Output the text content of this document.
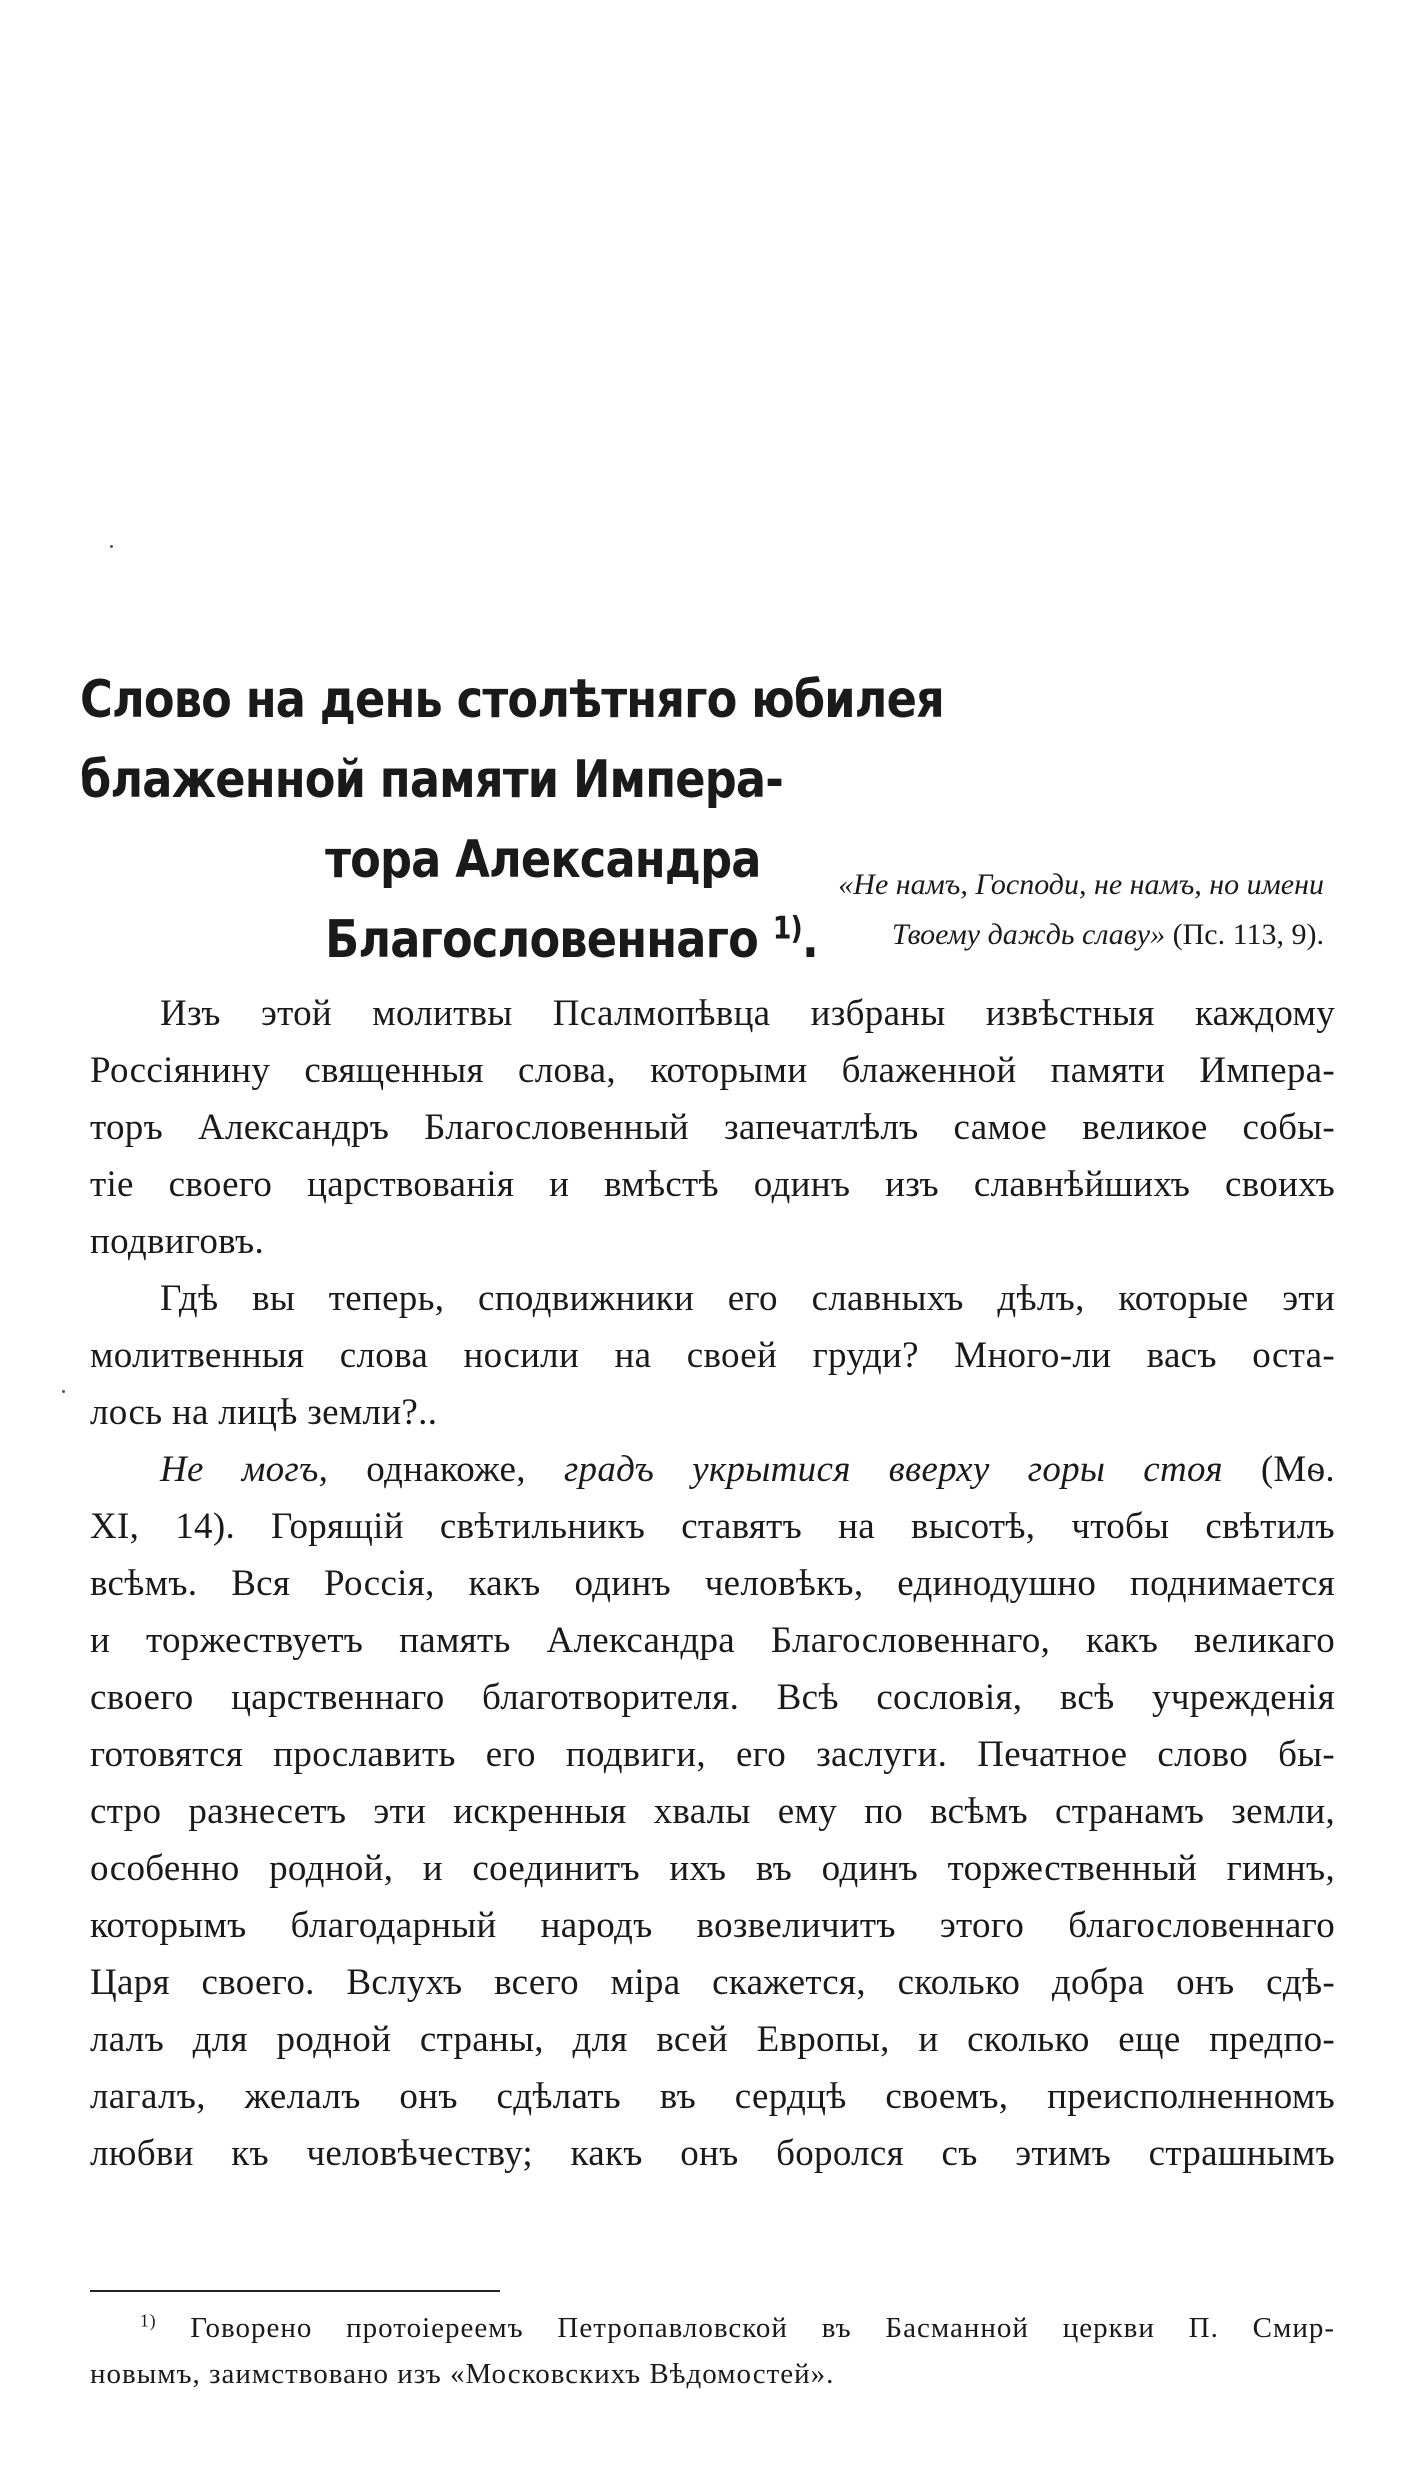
Слово на день столѣтняго юбилея блаженной памяти Импера-
тора Александра Благословеннаго $^{1)}$.
«Не намъ, Господи, не намъ, но имени
Твоему даждь славу» (Пс. 113, 9).

Изъ этой молитвы Псалмопѣвца избраны извѣстныя каждому
Россіянину священныя слова, которыми блаженной памяти Импера-
торъ Александръ Благословенный запечатлѣлъ самое великое собы-
тіе своего царствованія и вмѣстѣ одинъ изъ славнѣйшихъ своихъ
подвиговъ.

Гдѣ вы теперь, сподвижники его славныхъ дѣлъ, которые эти
молитвенныя слова носили на своей груди? Много-ли васъ оста-
лось на лицѣ земли?..

Не могъ, однакоже, градъ укрытися вверху горы стоя (Мѳ.
XI, 14). Горящій свѣтильникъ ставятъ на высотѣ, чтобы свѣтилъ
всѣмъ. Вся Россія, какъ одинъ человѣкъ, единодушно поднимается
и торжествуетъ память Александра Благословеннаго, какъ великаго
своего царственнаго благотворителя. Всѣ сословія, всѣ учрежденія
готовятся прославить его подвиги, его заслуги. Печатное слово бы-
стро разнесетъ эти искренныя хвалы ему по всѣмъ странамъ земли,
особенно родной, и соединитъ ихъ въ одинъ торжественный гимнъ,
которымъ благодарный народъ возвеличитъ этого благословеннаго
Царя своего. Вслухъ всего міра скажется, сколько добра онъ сдѣ-
лалъ для родной страны, для всей Европы, и сколько еще предпо-
лагалъ, желалъ онъ сдѣлать въ сердцѣ своемъ, преисполненномъ
любви къ человѣчеству; какъ онъ боролся съ этимъ страшнымъ

$^{1)}$ Говорено протоіереемъ Петропавловской въ Басманной церкви П. Смир-
новымъ, заимствовано изъ «Московскихъ Вѣдомостей».
